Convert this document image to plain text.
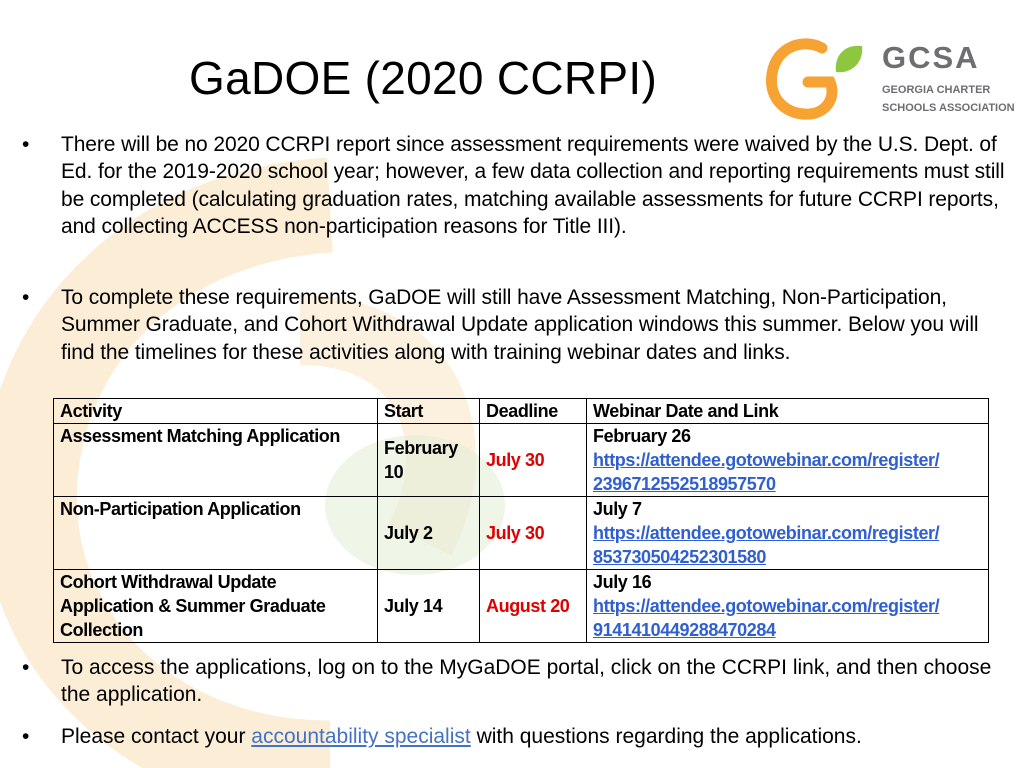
GaDOE (2020 CCRPI)	GCSA
GEORGIA CHARTER
SCHOOLS ASSOCIATION
•	There will be no 2020 CCRPI report since assessment requirements were waived by the U.S. Dept. of Ed. for the 2019-2020 school year; however, a few data collection and reporting requirements must still be completed (calculating graduation rates, matching available assessments for future CCRPI reports, and collecting ACCESS non-participation reasons for Title III).
•	To complete these requirements, GaDOE will still have Assessment Matching, Non-Participation, Summer Graduate, and Cohort Withdrawal Update application windows this summer. Below you will find the timelines for these activities along with training webinar dates and links.
•	To access the applications, log on to the MyGaDOE portal, click on the CCRPI link, and then choose the application.
•	Please contact your accountability specialist with questions regarding the applications.
Activity	Start	Deadline	Webinar Date and Link
Assessment Matching Application	February 10	July 30	February 26
https://attendee.gotowebinar.com/register/
2396712552518957570

Non-Participation Application	July 2	July 30	July 7
https://attendee.gotowebinar.com/register/
853730504252301580

Cohort Withdrawal Update Application & Summer Graduate Collection	July 14	August 20	July 16
https://attendee.gotowebinar.com/register/
9141410449288470284
